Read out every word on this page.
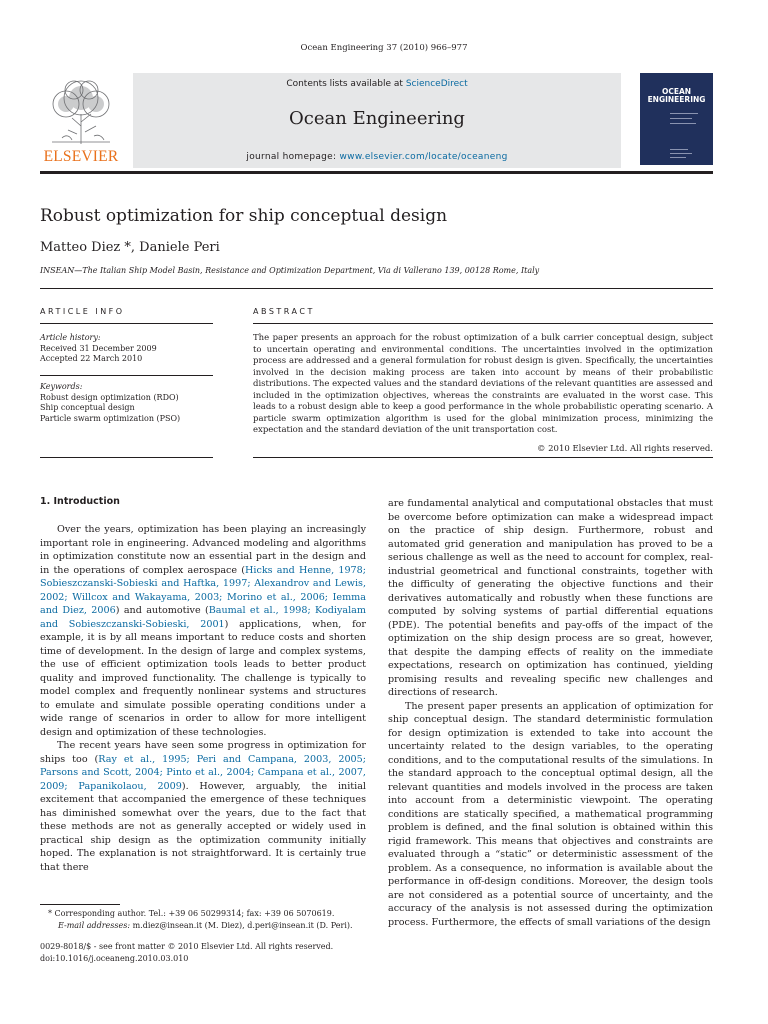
Ocean Engineering 37 (2010) 966–977
ELSEVIER
Contents lists available at ScienceDirect
Ocean Engineering
journal homepage: www.elsevier.com/locate/oceaneng
OCEAN
ENGINEERING
Robust optimization for ship conceptual design
Matteo Diez *, Daniele Peri
INSEAN—The Italian Ship Model Basin, Resistance and Optimization Department, Via di Vallerano 139, 00128 Rome, Italy
ARTICLE INFO
Article history:
Received 31 December 2009
Accepted 22 March 2010
Keywords:
Robust design optimization (RDO)
Ship conceptual design
Particle swarm optimization (PSO)
ABSTRACT
The paper presents an approach for the robust optimization of a bulk carrier conceptual design, subject to uncertain operating and environmental conditions. The uncertainties involved in the optimization process are addressed and a general formulation for robust design is given. Specifically, the uncertainties involved in the decision making process are taken into account by means of their probabilistic distributions. The expected values and the standard deviations of the relevant quantities are assessed and included in the optimization objectives, whereas the constraints are evaluated in the worst case. This leads to a robust design able to keep a good performance in the whole probabilistic operating scenario. A particle swarm optimization algorithm is used for the global minimization process, minimizing the expectation and the standard deviation of the unit transportation cost.
© 2010 Elsevier Ltd. All rights reserved.
1. Introduction

Over the years, optimization has been playing an increasingly important role in engineering. Advanced modeling and algorithms in optimization constitute now an essential part in the design and in the operations of complex aerospace (Hicks and Henne, 1978; Sobieszczanski-Sobieski and Haftka, 1997; Alexandrov and Lewis, 2002; Willcox and Wakayama, 2003; Morino et al., 2006; Iemma and Diez, 2006) and automotive (Baumal et al., 1998; Kodiyalam and Sobieszczanski-Sobieski, 2001) applications, when, for example, it is by all means important to reduce costs and shorten time of development. In the design of large and complex systems, the use of efficient optimization tools leads to better product quality and improved functionality. The challenge is typically to model complex and frequently nonlinear systems and structures to emulate and simulate possible operating conditions under a wide range of scenarios in order to allow for more intelligent design and optimization of these technologies.

The recent years have seen some progress in optimization for ships too (Ray et al., 1995; Peri and Campana, 2003, 2005; Parsons and Scott, 2004; Pinto et al., 2004; Campana et al., 2007, 2009; Papanikolaou, 2009). However, arguably, the initial excitement that accompanied the emergence of these techniques has diminished somewhat over the years, due to the fact that these methods are not as generally accepted or widely used in practical ship design as the optimization community initially hoped. The explanation is not straightforward. It is certainly true that there

are fundamental analytical and computational obstacles that must be overcome before optimization can make a widespread impact on the practice of ship design. Furthermore, robust and automated grid generation and manipulation has proved to be a serious challenge as well as the need to account for complex, real-industrial geometrical and functional constraints, together with the difficulty of generating the objective functions and their derivatives automatically and robustly when these functions are computed by solving systems of partial differential equations (PDE). The potential benefits and pay-offs of the impact of the optimization on the ship design process are so great, however, that despite the damping effects of reality on the immediate expectations, research on optimization has continued, yielding promising results and revealing specific new challenges and directions of research.

The present paper presents an application of optimization for ship conceptual design. The standard deterministic formulation for design optimization is extended to take into account the uncertainty related to the design variables, to the operating conditions, and to the computational results of the simulations. In the standard approach to the conceptual optimal design, all the relevant quantities and models involved in the process are taken into account from a deterministic viewpoint. The operating conditions are statically specified, a mathematical programming problem is defined, and the final solution is obtained within this rigid framework. This means that objectives and constraints are evaluated through a “static” or deterministic assessment of the problem. As a consequence, no information is available about the performance in off-design conditions. Moreover, the design tools are not considered as a potential source of uncertainty, and the accuracy of the analysis is not assessed during the optimization process. Furthermore, the effects of small variations of the design

* Corresponding author. Tel.: +39 06 50299314; fax: +39 06 5070619.
E-mail addresses: m.diez@insean.it (M. Diez), d.peri@insean.it (D. Peri).
0029-8018/$ - see front matter © 2010 Elsevier Ltd. All rights reserved.
doi:10.1016/j.oceaneng.2010.03.010
